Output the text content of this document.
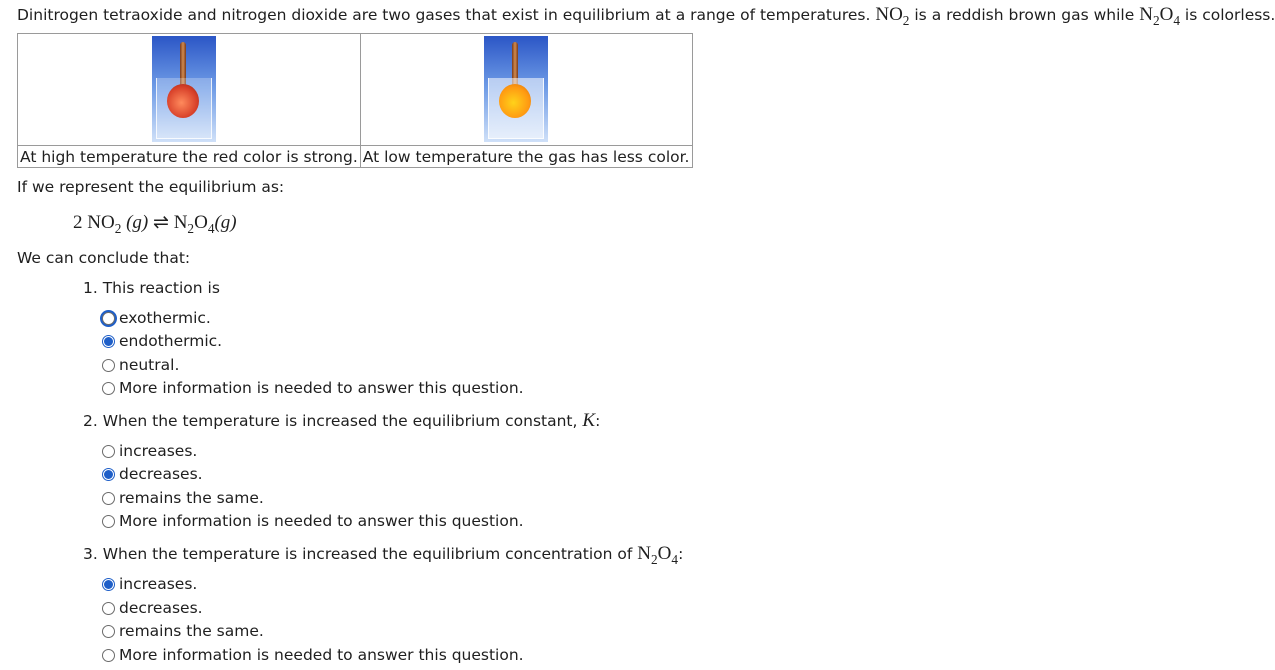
Dinitrogen tetraoxide and nitrogen dioxide are two gases that exist in equilibrium at a range of temperatures. $NO_2$ is a reddish brown gas while $N_2O_4$ is colorless.

At high temperature the red color is strong.	At low temperature the gas has less color.
If we represent the equilibrium as:
2 $NO_2$ (g) ⇌ $N_2O_4(g)$
We can conclude that:
1. This reaction is
exothermic.
endothermic.
neutral.
More information is needed to answer this question.
2. When the temperature is increased the equilibrium constant, K:
increases.
decreases.
remains the same.
More information is needed to answer this question.
3. When the temperature is increased the equilibrium concentration of $N_2O_4$:
increases.
decreases.
remains the same.
More information is needed to answer this question.
